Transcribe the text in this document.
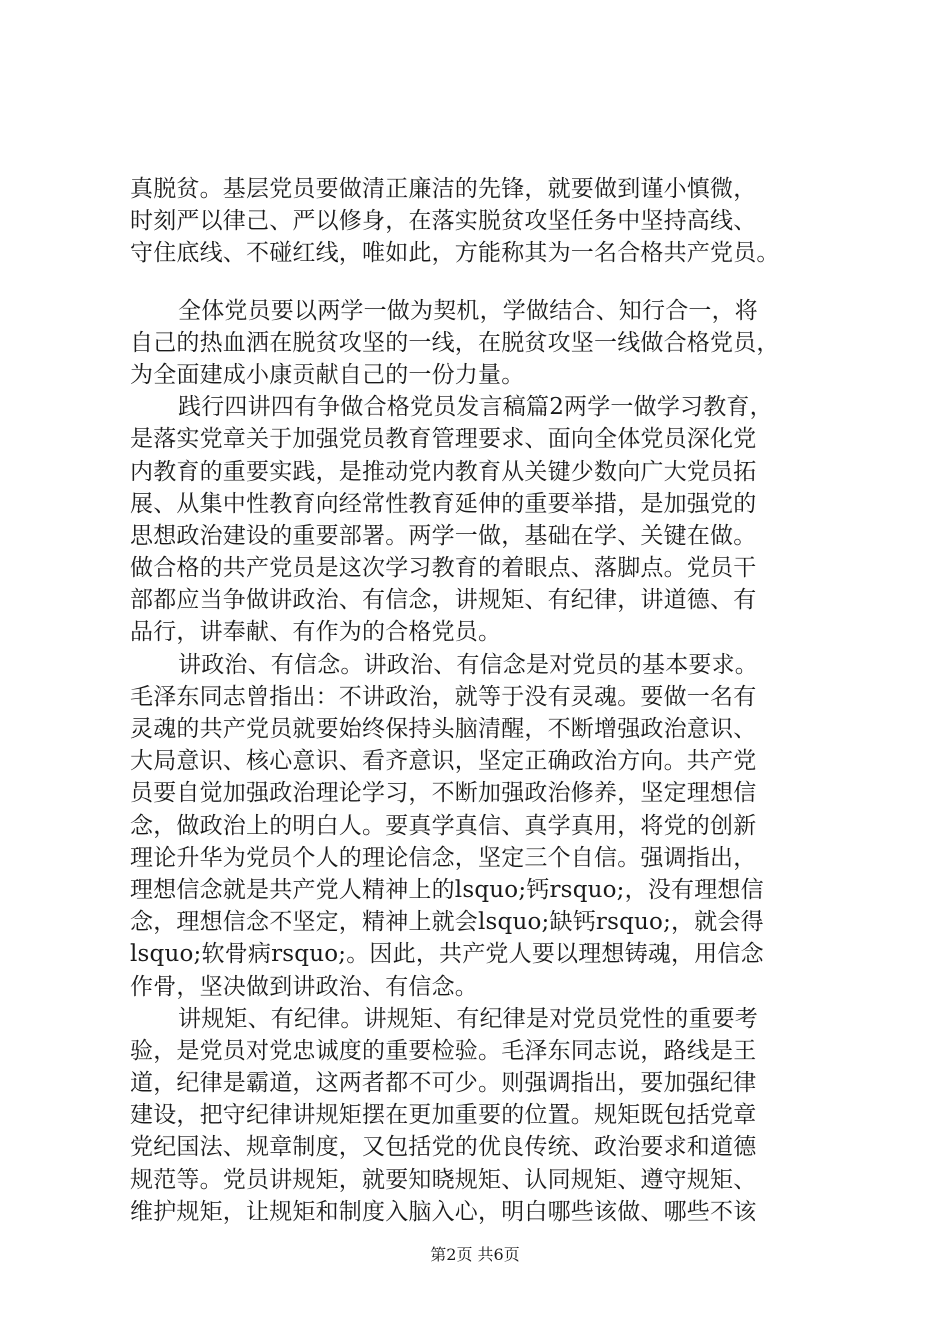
真脱贫。基层党员要做清正廉洁的先锋，就要做到谨小慎微，
时刻严以律己、严以修身，在落实脱贫攻坚任务中坚持高线、
守住底线、不碰红线，唯如此，方能称其为一名合格共产党员。
全体党员要以两学一做为契机，学做结合、知行合一，将
自己的热血洒在脱贫攻坚的一线，在脱贫攻坚一线做合格党员，
为全面建成小康贡献自己的一份力量。
践行四讲四有争做合格党员发言稿篇2两学一做学习教育，
是落实党章关于加强党员教育管理要求、面向全体党员深化党
内教育的重要实践，是推动党内教育从关键少数向广大党员拓
展、从集中性教育向经常性教育延伸的重要举措，是加强党的
思想政治建设的重要部署。两学一做，基础在学、关键在做。
做合格的共产党员是这次学习教育的着眼点、落脚点。党员干
部都应当争做讲政治、有信念，讲规矩、有纪律，讲道德、有
品行，讲奉献、有作为的合格党员。
讲政治、有信念。讲政治、有信念是对党员的基本要求。
毛泽东同志曾指出：不讲政治，就等于没有灵魂。要做一名有
灵魂的共产党员就要始终保持头脑清醒，不断增强政治意识、
大局意识、核心意识、看齐意识，坚定正确政治方向。共产党
员要自觉加强政治理论学习，不断加强政治修养，坚定理想信
念，做政治上的明白人。要真学真信、真学真用，将党的创新
理论升华为党员个人的理论信念，坚定三个自信。强调指出，
理想信念就是共产党人精神上的lsquo;钙rsquo;，没有理想信
念，理想信念不坚定，精神上就会lsquo;缺钙rsquo;，就会得
lsquo;软骨病rsquo;。因此，共产党人要以理想铸魂，用信念
作骨，坚决做到讲政治、有信念。
讲规矩、有纪律。讲规矩、有纪律是对党员党性的重要考
验，是党员对党忠诚度的重要检验。毛泽东同志说，路线是王
道，纪律是霸道，这两者都不可少。则强调指出，要加强纪律
建设，把守纪律讲规矩摆在更加重要的位置。规矩既包括党章
党纪国法、规章制度，又包括党的优良传统、政治要求和道德
规范等。党员讲规矩，就要知晓规矩、认同规矩、遵守规矩、
维护规矩，让规矩和制度入脑入心，明白哪些该做、哪些不该
第2页 共6页
